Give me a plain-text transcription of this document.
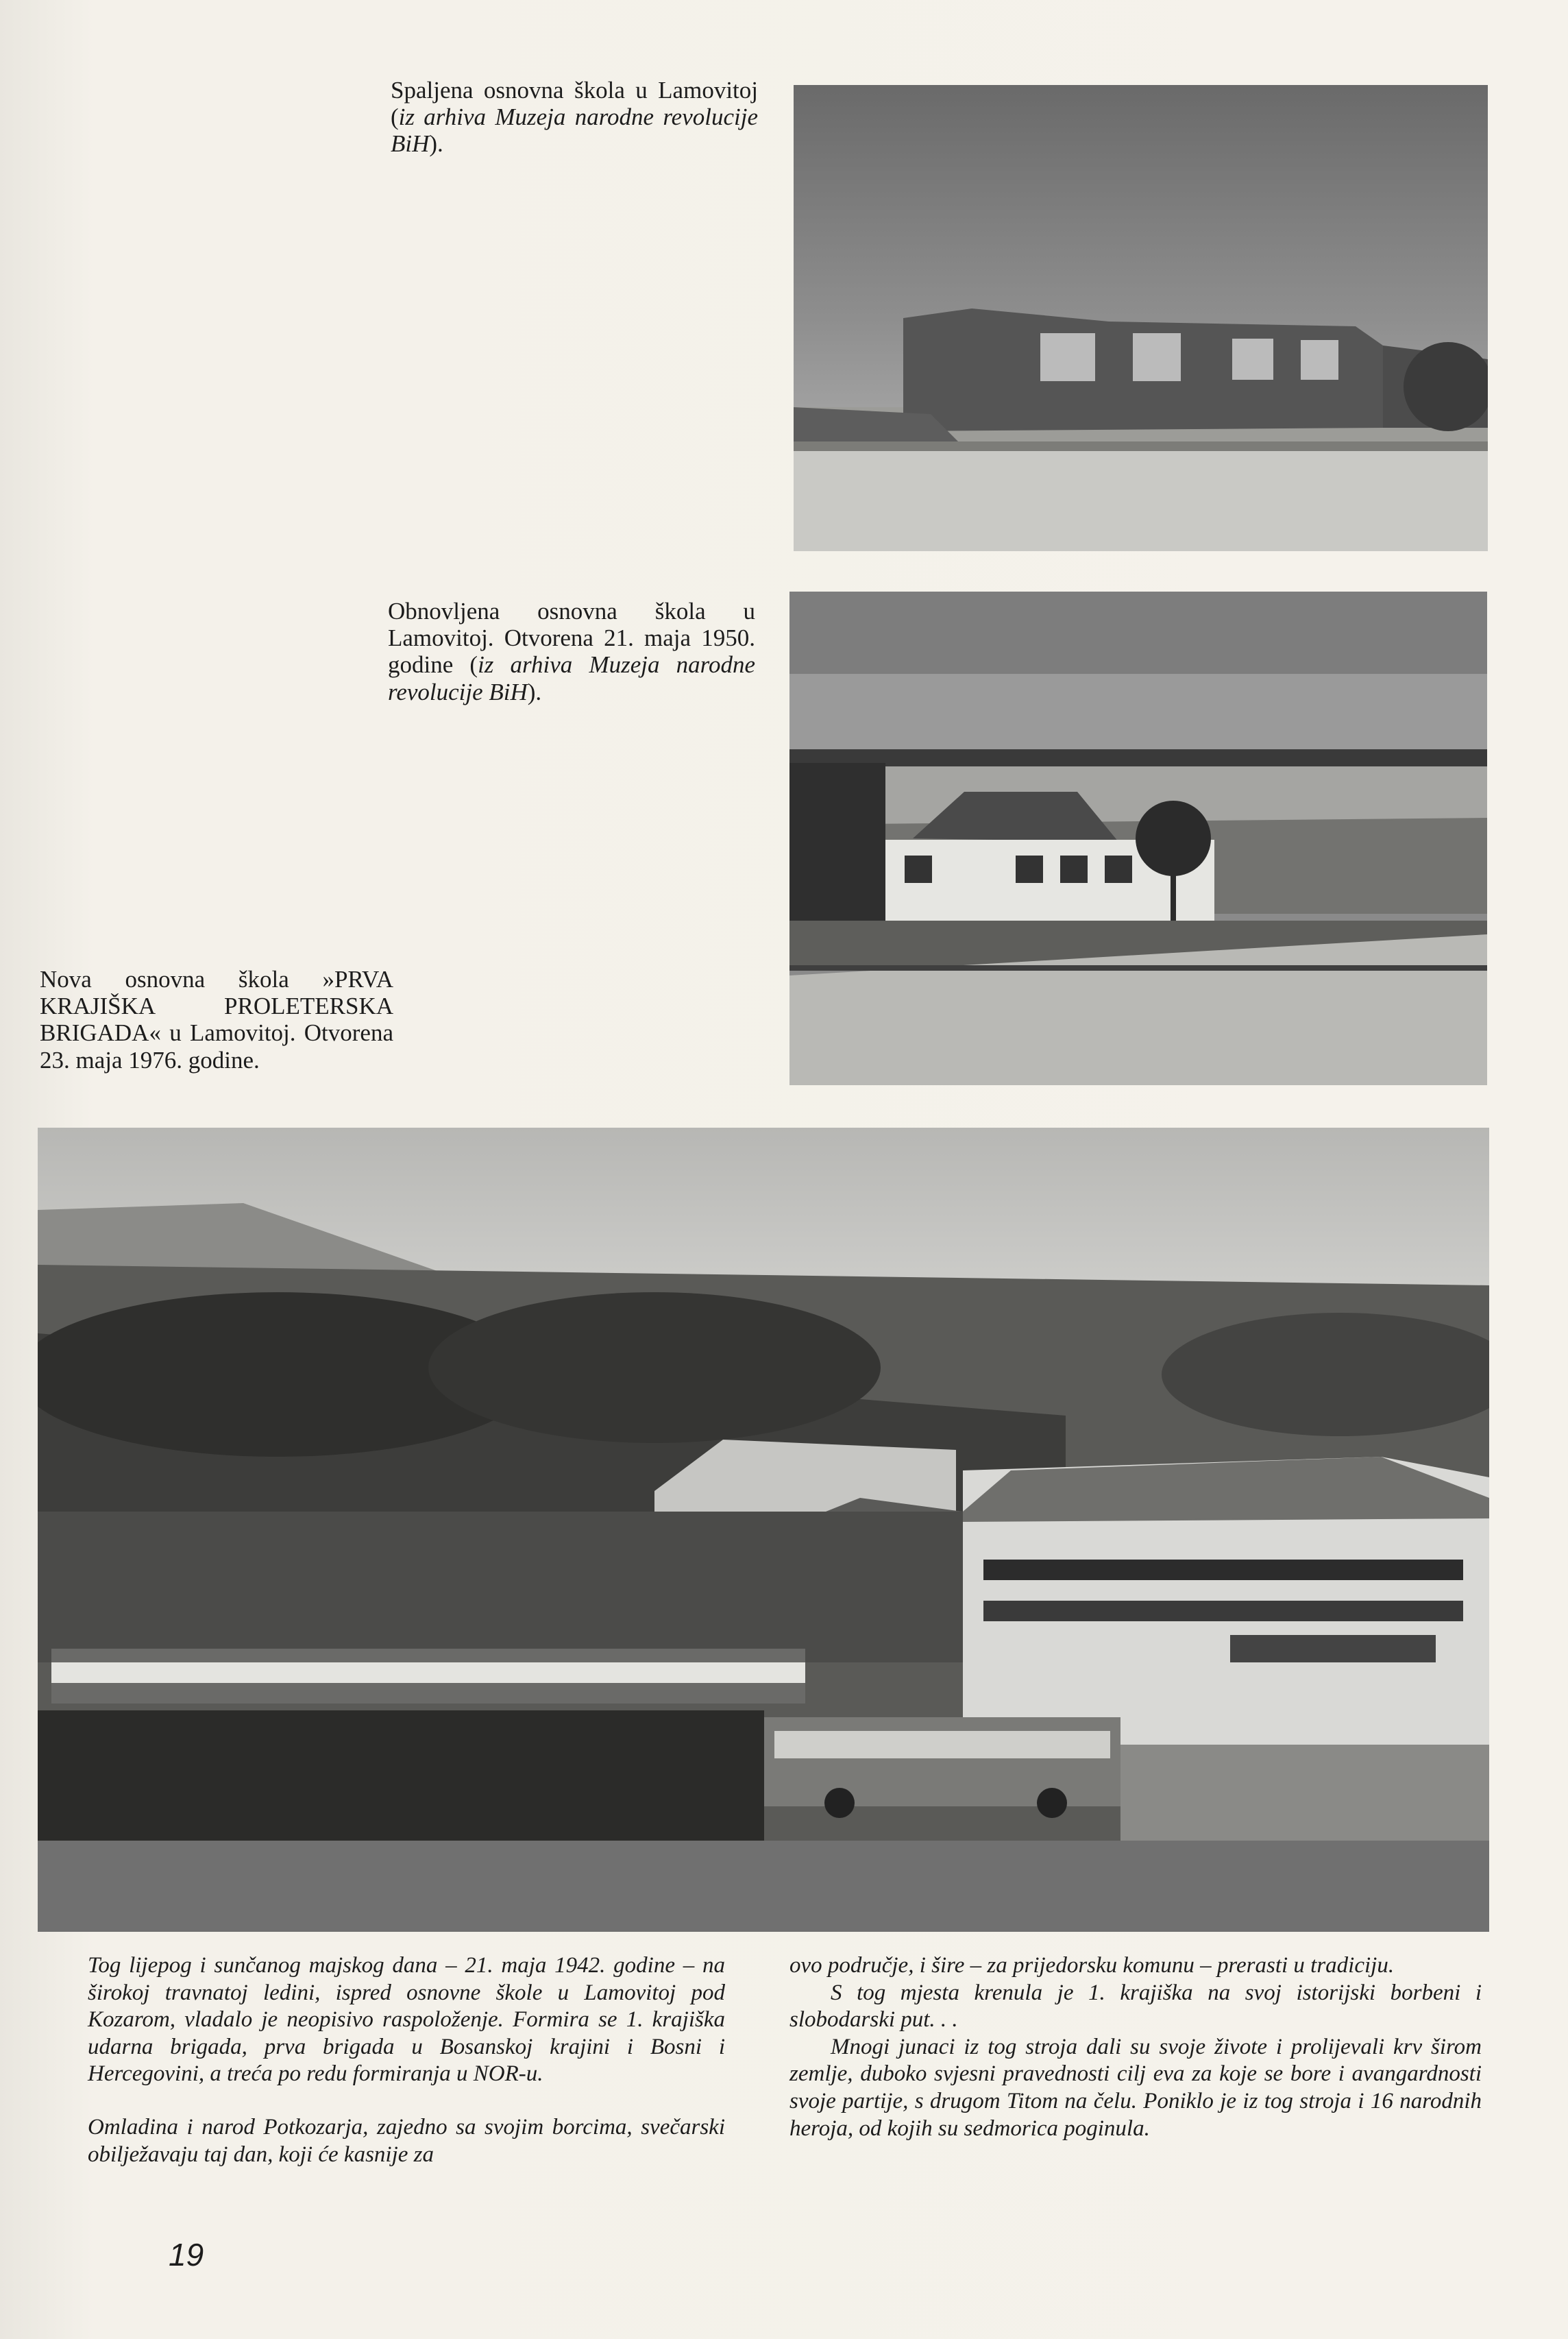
Spaljena osnovna škola u Lamovitoj (iz arhiva Muzeja narodne revolucije BiH).
Obnovljena osnovna škola u Lamovitoj. Otvorena 21. maja 1950. godine (iz arhiva Muzeja narodne revolucije BiH).
Nova osnovna škola »PRVA KRAJIŠKA PROLETERSKA BRIGADA« u Lamovitoj. Otvorena 23. maja 1976. godine.

Tog lijepog i sunčanog majskog dana – 21. maja 1942. godine – na širokoj travnatoj ledini, ispred osnovne škole u Lamovitoj pod Kozarom, vladalo je neopisivo raspoloženje. Formira se 1. krajiška udarna brigada, prva brigada u Bosanskoj krajini i Bosni i Hercegovini, a treća po redu formiranja u NOR-u.

Omladina i narod Potkozarja, zajedno sa svojim borcima, svečarski obilježavaju taj dan, koji će kasnije za

ovo područje, i šire – za prijedorsku komunu – prerasti u tradiciju.

S tog mjesta krenula je 1. krajiška na svoj istorijski borbeni i slobodarski put. . .

Mnogi junaci iz tog stroja dali su svoje živote i prolijevali krv širom zemlje, duboko svjesni pravednosti cilj eva za koje se bore i avangardnosti svoje partije, s drugom Titom na čelu. Poniklo je iz tog stroja i 16 narodnih heroja, od kojih su sedmorica poginula.

19
